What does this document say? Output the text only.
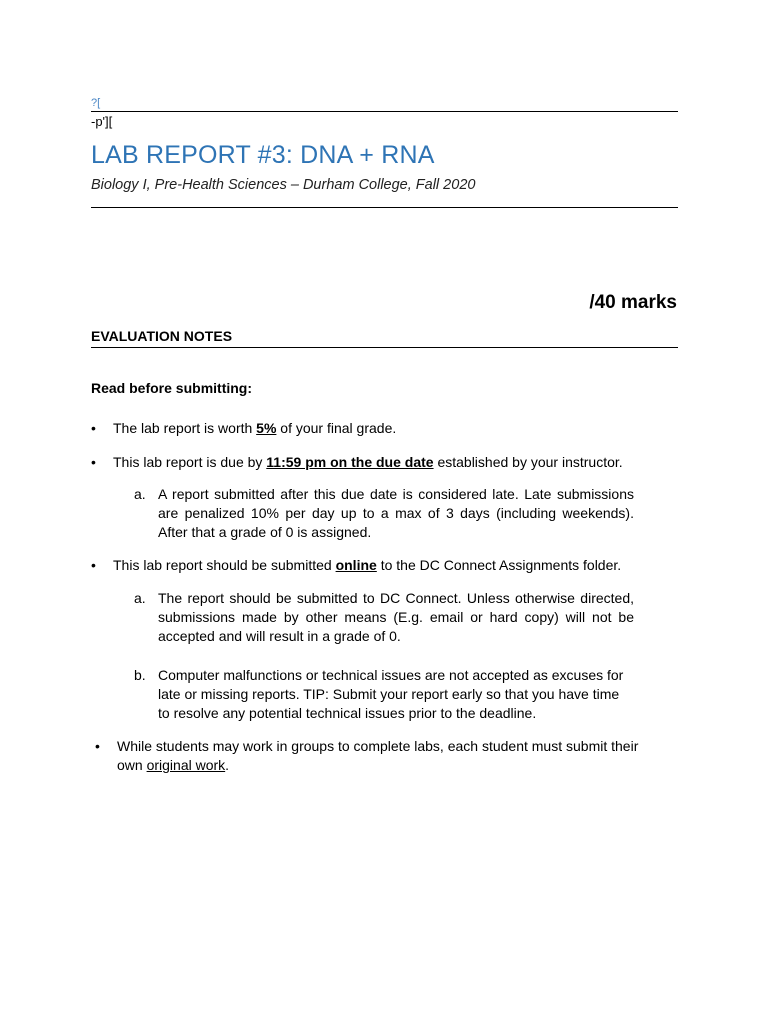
?[
-p'][
LAB REPORT #3: DNA + RNA
Biology I, Pre-Health Sciences – Durham College, Fall 2020
/40 marks
EVALUATION NOTES
Read before submitting:
• The lab report is worth 5% of your final grade.
• This lab report is due by 11:59 pm on the due date established by your instructor.
a. A report submitted after this due date is considered late. Late submissions are penalized 10% per day up to a max of 3 days (including weekends). After that a grade of 0 is assigned.
• This lab report should be submitted online to the DC Connect Assignments folder.
a. The report should be submitted to DC Connect. Unless otherwise directed, submissions made by other means (E.g. email or hard copy) will not be accepted and will result in a grade of 0.
b. Computer malfunctions or technical issues are not accepted as excuses for late or missing reports. TIP: Submit your report early so that you have time to resolve any potential technical issues prior to the deadline.
• While students may work in groups to complete labs, each student must submit their own original work.
